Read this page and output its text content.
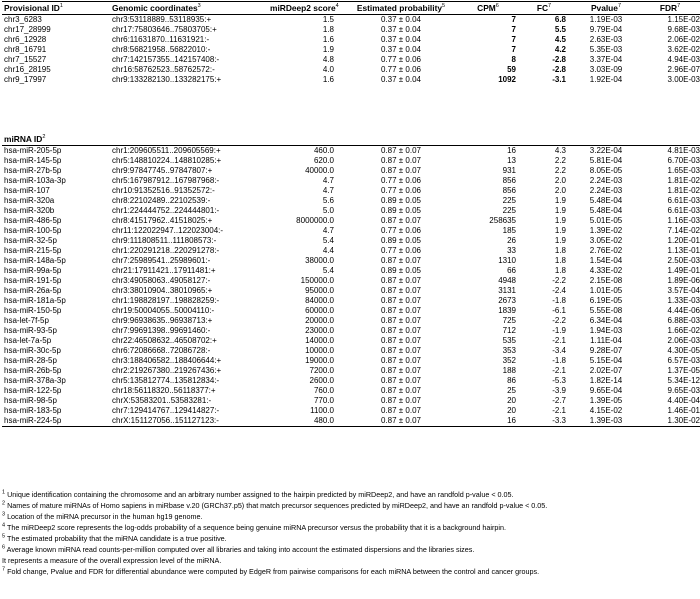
Provisional $ID^1$	Genomic coordinates$^3$	miRDeep2 score$^4$	Estimated probability$^5$	CPM$^6$	$FC^7$	Pvalue$^7$	FDR$^7$
chr3_6283	chr3:53118889..53118935:+	1.5	0.37 ± 0.04	7	6.8	1.19E-03	1.15E-02
chr17_28999	chr17:75803646..75803705:+	1.8	0.37 ± 0.04	7	5.5	9.79E-04	9.68E-03
chr6_12928	chr6:11631870..11631921:-	1.6	0.37 ± 0.04	7	4.5	2.63E-03	2.06E-02
chr8_16791	chr8:56821958..56822010:-	1.9	0.37 ± 0.04	7	4.2	5.35E-03	3.62E-02
chr7_15527	chr7:142157355..142157408:-	4.8	0.77 ± 0.06	8	-2.8	3.37E-04	4.94E-03
chr16_28195	chr16:58762523..58762572:-	4.0	0.77 ± 0.06	59	-2.8	3.03E-09	2.96E-07
chr9_17997	chr9:133282130..133282175:+	1.6	0.37 ± 0.04	1092	-3.1	1.92E-04	3.00E-03
miRNA $ID^2$							
hsa-miR-205-5p	chr1:209605511..209605569:+	460.0	0.87 ± 0.07	16	4.3	3.22E-04	4.81E-03
hsa-miR-145-5p	chr5:148810224..148810285:+	620.0	0.87 ± 0.07	13	2.2	5.81E-04	6.70E-03
hsa-miR-27b-5p	chr9:97847745..97847807:+	40000.0	0.87 ± 0.07	931	2.2	8.05E-05	1.65E-03
hsa-miR-103a-3p	chr5:167987912..167987968:-	4.7	0.77 ± 0.06	856	2.0	2.24E-03	1.81E-02
hsa-miR-107	chr10:91352516..91352572:-	4.7	0.77 ± 0.06	856	2.0	2.24E-03	1.81E-02
hsa-miR-320a	chr8:22102489..22102539:-	5.6	0.89 ± 0.05	225	1.9	5.48E-04	6.61E-03
hsa-miR-320b	chr1:224444752..224444801:-	5.0	0.89 ± 0.05	225	1.9	5.48E-04	6.61E-03
hsa-miR-486-5p	chr8:41517962..41518025:+	8000000.0	0.87 ± 0.07	258635	1.9	5.01E-05	1.16E-03
hsa-miR-100-5p	chr11:122022947..122023004:-	4.7	0.77 ± 0.06	185	1.9	1.39E-02	7.14E-02
hsa-miR-32-5p	chr9:111808511..111808573:-	5.4	0.89 ± 0.05	26	1.9	3.05E-02	1.20E-01
hsa-miR-215-5p	chr1:220291218..220291278:-	4.4	0.77 ± 0.06	33	1.8	2.76E-02	1.13E-01
hsa-miR-148a-5p	chr7:25989541..25989601:-	38000.0	0.87 ± 0.07	1310	1.8	1.54E-04	2.50E-03
hsa-miR-99a-5p	chr21:17911421..17911481:+	5.4	0.89 ± 0.05	66	1.8	4.33E-02	1.49E-01
hsa-miR-191-5p	chr3:49058063..49058127:-	150000.0	0.87 ± 0.07	4948	-2.2	2.15E-08	1.89E-06
hsa-miR-26a-5p	chr3:38010904..38010965:+	95000.0	0.87 ± 0.07	3131	-2.4	1.01E-05	3.57E-04
hsa-miR-181a-5p	chr1:198828197..198828259:-	84000.0	0.87 ± 0.07	2673	-1.8	6.19E-05	1.33E-03
hsa-miR-150-5p	chr19:50004055..50004110:-	60000.0	0.87 ± 0.07	1839	-6.1	5.55E-08	4.44E-06
hsa-let-7f-5p	chr9:96938635..96938713:+	20000.0	0.87 ± 0.07	725	-2.2	6.34E-04	6.88E-03
hsa-miR-93-5p	chr7:99691398..99691460:-	23000.0	0.87 ± 0.07	712	-1.9	1.94E-03	1.66E-02
hsa-let-7a-5p	chr22:46508632..46508702:+	14000.0	0.87 ± 0.07	535	-2.1	1.11E-04	2.06E-03
hsa-miR-30c-5p	chr6:72086668..72086728:-	10000.0	0.87 ± 0.07	353	-3.4	9.28E-07	4.30E-05
hsa-miR-28-5p	chr3:188406582..188406644:+	19000.0	0.87 ± 0.07	352	-1.8	5.15E-04	6.57E-03
hsa-miR-26b-5p	chr2:219267380..219267436:+	7200.0	0.87 ± 0.07	188	-2.1	2.02E-07	1.37E-05
hsa-miR-378a-3p	chr5:135812774..135812834:-	2600.0	0.87 ± 0.07	86	-5.3	1.82E-14	5.34E-12
hsa-miR-122-5p	chr18:56118320..56118377:+	760.0	0.87 ± 0.07	25	-3.9	9.65E-04	9.65E-03
hsa-miR-98-5p	chrX:53583201..53583281:-	770.0	0.87 ± 0.07	20	-2.7	1.39E-05	4.40E-04
hsa-miR-183-5p	chr7:129414767..129414827:-	1100.0	0.87 ± 0.07	20	-2.1	4.15E-02	1.46E-01
hsa-miR-224-5p	chrX:151127056..151127123:-	480.0	0.87 ± 0.07	16	-3.3	1.39E-03	1.30E-02
$^1$ Unique identification containing the chromosome and an arbitrary number assigned to the hairpin predicted by miRDeep2, and have an randfold p-value < 0.05.
$^2$ Names of mature miRNAs of Homo sapiens in miRbase v.20 (GRCh37.p5) that match precursor sequences predicted by miRDeep2, and have an randfold p-value < 0.05.
$^3$ Location of the miRNA precursor in the human hg19 genome.
$^4$ The miRDeep2 score represents the log-odds probability of a sequence being genuine miRNA precursor versus the probability that it is a background hairpin.
$^5$ The estimated probability that the miRNA candidate is a true positive.
$^6$ Average known miRNA read counts-per-million computed over all libraries and taking into account the estimated dispersions and the libraries sizes.
It represents a measure of the overall expression level of the miRNA.
$^7$ Fold change, Pvalue and FDR for differential abundance were computed by EdgeR from pairwise comparisons for each miRNA between the control and cancer groups.
